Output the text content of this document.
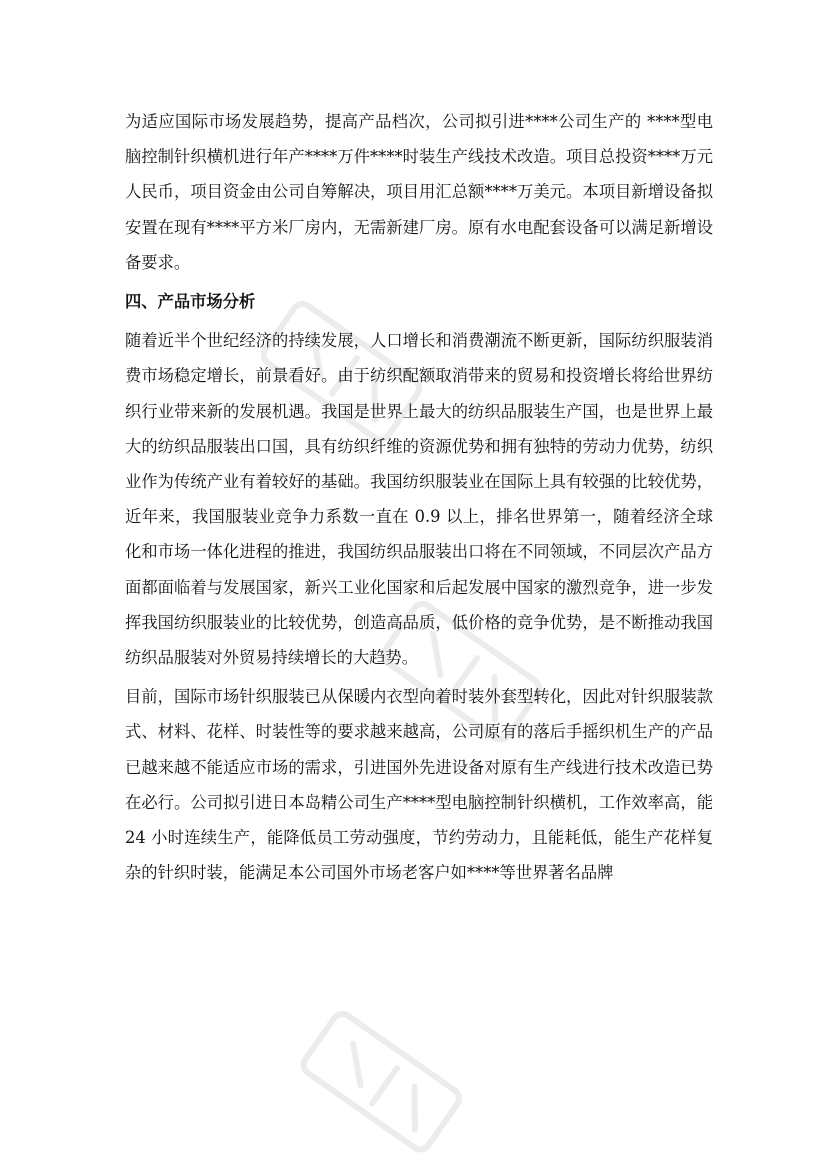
为适应国际市场发展趋势，提高产品档次，公司拟引进****公司生产的 ****型电脑控制针织横机进行年产****万件****时装生产线技术改造。项目总投资****万元人民币，项目资金由公司自筹解决，项目用汇总额****万美元。本项目新增设备拟安置在现有****平方米厂房内，无需新建厂房。原有水电配套设备可以满足新增设备要求。

四、产品市场分析

随着近半个世纪经济的持续发展，人口增长和消费潮流不断更新，国际纺织服装消费市场稳定增长，前景看好。由于纺织配额取消带来的贸易和投资增长将给世界纺织行业带来新的发展机遇。我国是世界上最大的纺织品服装生产国，也是世界上最大的纺织品服装出口国，具有纺织纤维的资源优势和拥有独特的劳动力优势，纺织业作为传统产业有着较好的基础。我国纺织服装业在国际上具有较强的比较优势，近年来，我国服装业竞争力系数一直在 0.9 以上，排名世界第一，随着经济全球化和市场一体化进程的推进，我国纺织品服装出口将在不同领域，不同层次产品方面都面临着与发展国家，新兴工业化国家和后起发展中国家的激烈竞争，进一步发挥我国纺织服装业的比较优势，创造高品质，低价格的竞争优势，是不断推动我国纺织品服装对外贸易持续增长的大趋势。

目前，国际市场针织服装已从保暖内衣型向着时装外套型转化，因此对针织服装款式、材料、花样、时装性等的要求越来越高，公司原有的落后手摇织机生产的产品已越来越不能适应市场的需求，引进国外先进设备对原有生产线进行技术改造已势在必行。公司拟引进日本岛精公司生产****型电脑控制针织横机，工作效率高，能 24 小时连续生产，能降低员工劳动强度，节约劳动力，且能耗低，能生产花样复杂的针织时装，能满足本公司国外市场老客户如****等世界著名品牌
